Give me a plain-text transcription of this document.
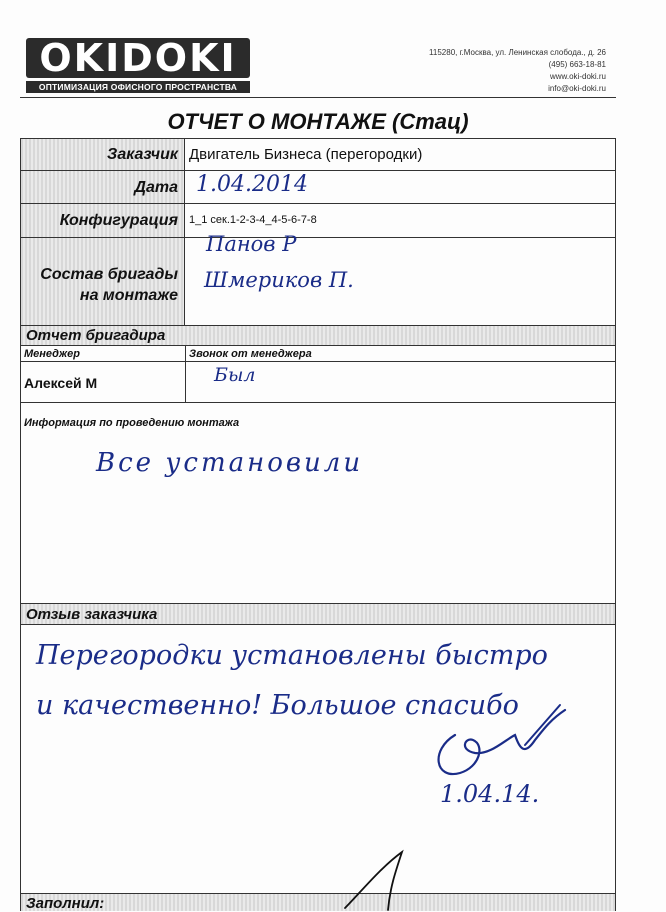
OKIDOKI
ОПТИМИЗАЦИЯ ОФИСНОГО ПРОСТРАНСТВА
115280, г.Москва, ул. Ленинская слобода., д. 26
(495) 663-18-81
www.oki-doki.ru
info@oki-doki.ru
ОТЧЕТ О МОНТАЖЕ (Стац)
Заказчик Двигатель Бизнеса (перегородки)
Дата 1.04.2014
Конфигурация 1_1 сек.1-2-3-4_4-5-6-7-8
Состав бригады
на монтаже
Панов Р
Шмериков П.
Отчет бригадира
Менеджер	Звонок от менеджера
Алексей М	Был
Информация по проведению монтажа
Все установили
Отзыв заказчика
Перегородки установлены быстро
и качественно! Большое спасибо
1.04.14.
Заполнил:
